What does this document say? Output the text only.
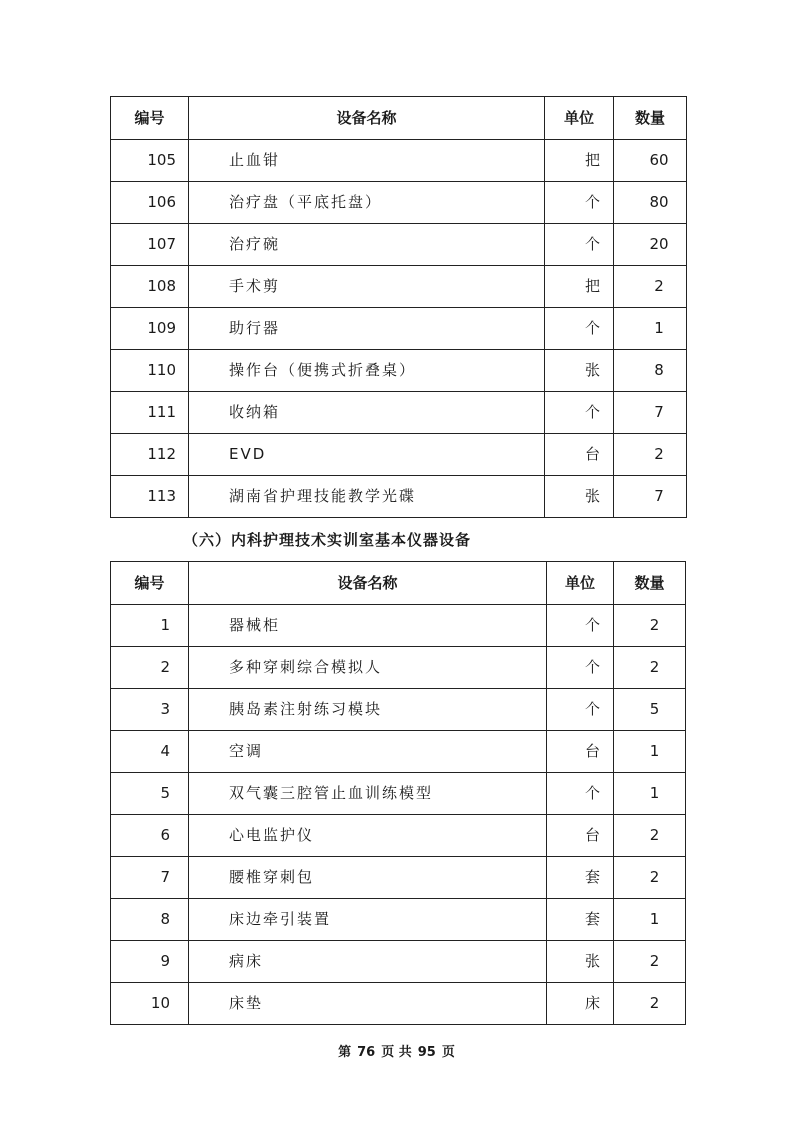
编号	设备名称	单位	数量
105	止血钳	把	60
106	治疗盘（平底托盘）	个	80
107	治疗碗	个	20
108	手术剪	把	2
109	助行器	个	1
110	操作台（便携式折叠桌）	张	8
111	收纳箱	个	7
112	EVD	台	2
113	湖南省护理技能教学光碟	张	7
（六）内科护理技术实训室基本仪器设备
编号	设备名称	单位	数量
1	器械柜	个	2
2	多种穿刺综合模拟人	个	2
3	胰岛素注射练习模块	个	5
4	空调	台	1
5	双气囊三腔管止血训练模型	个	1
6	心电监护仪	台	2
7	腰椎穿刺包	套	2
8	床边牵引装置	套	1
9	病床	张	2
10	床垫	床	2
第 76 页 共 95 页
